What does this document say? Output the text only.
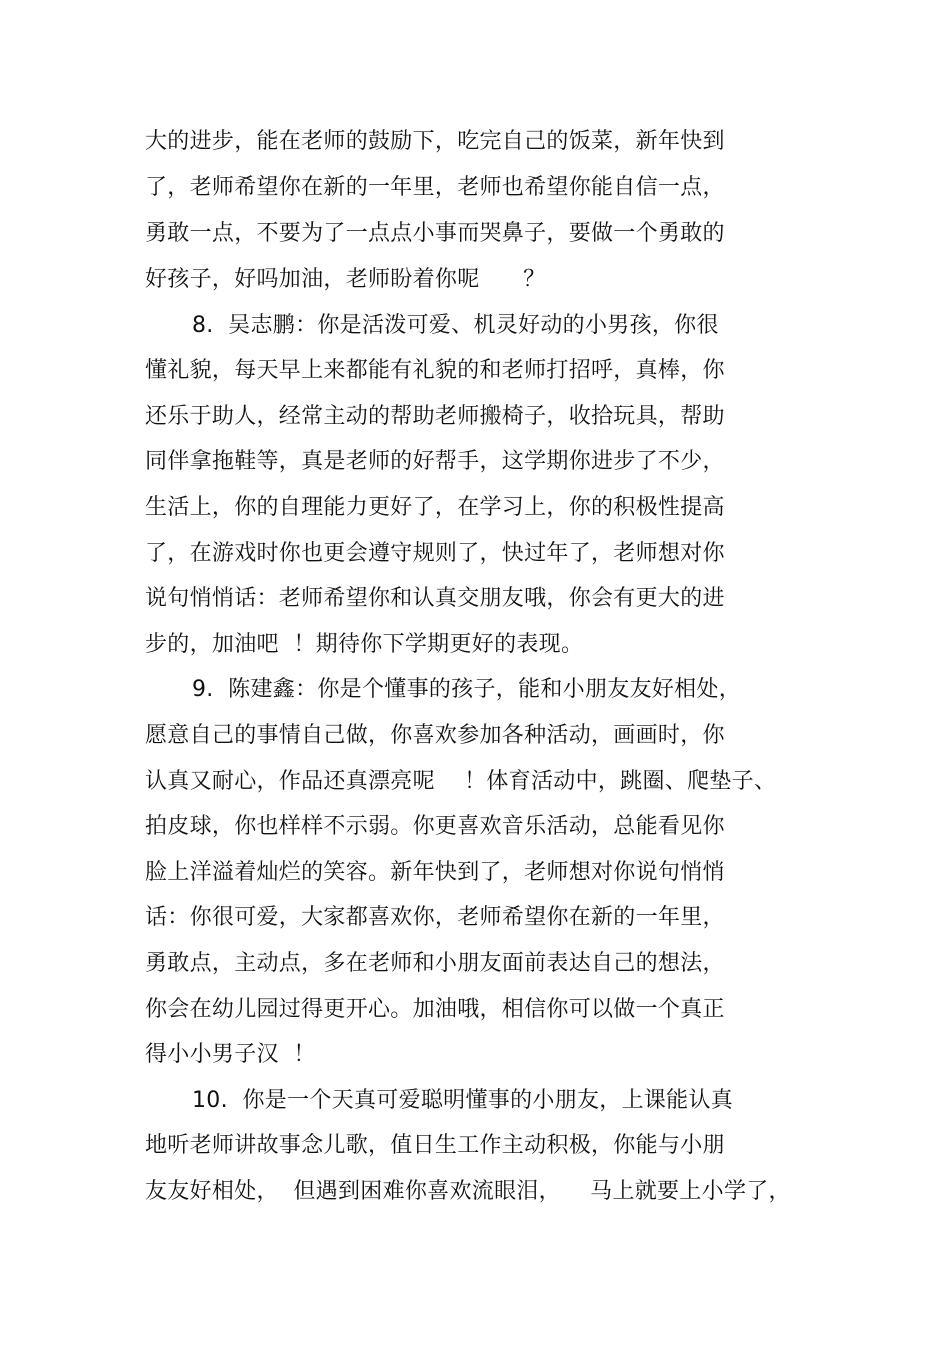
大的进步，能在老师的鼓励下，吃完自己的饭菜，新年快到
了，老师希望你在新的一年里，老师也希望你能自信一点，
勇敢一点，不要为了一点点小事而哭鼻子，要做一个勇敢的
好孩子，好吗加油，老师盼着你呢      ？
8.  吴志鹏：你是活泼可爱、机灵好动的小男孩，你很
懂礼貌，每天早上来都能有礼貌的和老师打招呼，真棒，你
还乐于助人，经常主动的帮助老师搬椅子，收拾玩具，帮助
同伴拿拖鞋等，真是老师的好帮手，这学期你进步了不少，
生活上，你的自理能力更好了，在学习上，你的积极性提高
了，在游戏时你也更会遵守规则了，快过年了，老师想对你
说句悄悄话：老师希望你和认真交朋友哦，你会有更大的进
步的，加油吧  ！期待你下学期更好的表现。
9.  陈建鑫：你是个懂事的孩子，能和小朋友友好相处，
愿意自己的事情自己做，你喜欢参加各种活动，画画时，你
认真又耐心，作品还真漂亮呢    ！体育活动中，跳圈、爬垫子、
拍皮球，你也样样不示弱。你更喜欢音乐活动，总能看见你
脸上洋溢着灿烂的笑容。新年快到了，老师想对你说句悄悄
话：你很可爱，大家都喜欢你，老师希望你在新的一年里，
勇敢点，主动点，多在老师和小朋友面前表达自己的想法，
你会在幼儿园过得更开心。加油哦，相信你可以做一个真正
得小小男子汉  ！
10.  你是一个天真可爱聪明懂事的小朋友，上课能认真
地听老师讲故事念儿歌，值日生工作主动积极，你能与小朋
友友好相处，  但遇到困难你喜欢流眼泪，    马上就要上小学了，
